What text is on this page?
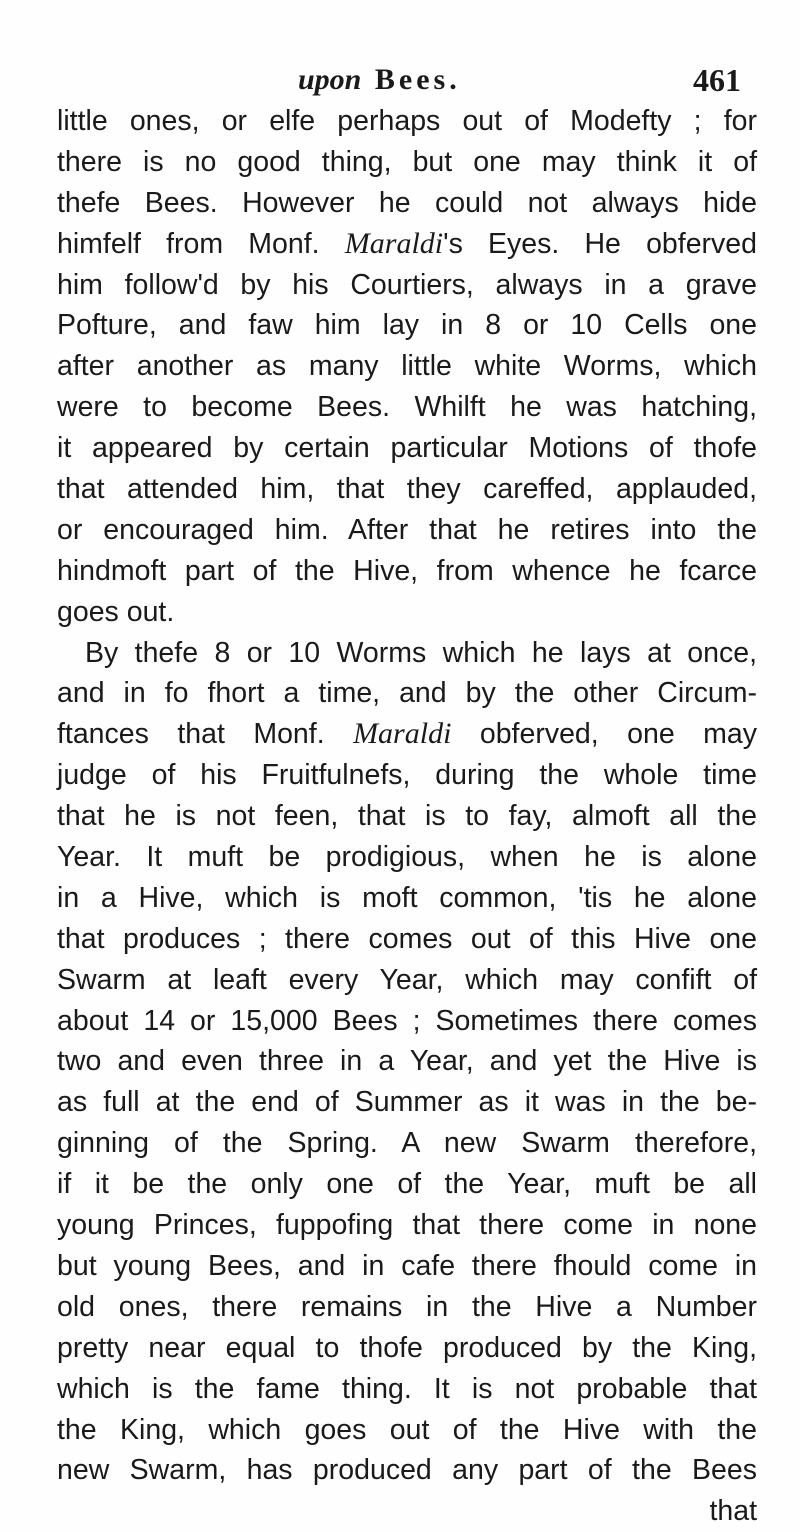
upon Bees.	461
little ones, or elfe perhaps out of Modefty ; for
there is no good thing, but one may think it of
thefe Bees. However he could not always hide
himfelf from Monf. Maraldi's Eyes. He obferved
him follow'd by his Courtiers, always in a grave
Pofture, and faw him lay in 8 or 10 Cells one
after another as many little white Worms, which
were to become Bees. Whilft he was hatching,
it appeared by certain particular Motions of thofe
that attended him, that they careffed, applauded,
or encouraged him. After that he retires into the
hindmoft part of the Hive, from whence he fcarce
goes out.
By thefe 8 or 10 Worms which he lays at once,
and in fo fhort a time, and by the other Circum-
ftances that Monf. Maraldi obferved, one may
judge of his Fruitfulnefs, during the whole time
that he is not feen, that is to fay, almoft all the
Year. It muft be prodigious, when he is alone
in a Hive, which is moft common, 'tis he alone
that produces ; there comes out of this Hive one
Swarm at leaft every Year, which may confift of
about 14 or 15,000 Bees ; Sometimes there comes
two and even three in a Year, and yet the Hive is
as full at the end of Summer as it was in the be-
ginning of the Spring. A new Swarm therefore,
if it be the only one of the Year, muft be all
young Princes, fuppofing that there come in none
but young Bees, and in cafe there fhould come in
old ones, there remains in the Hive a Number
pretty near equal to thofe produced by the King,
which is the fame thing. It is not probable that
the King, which goes out of the Hive with the
new Swarm, has produced any part of the Bees
that
